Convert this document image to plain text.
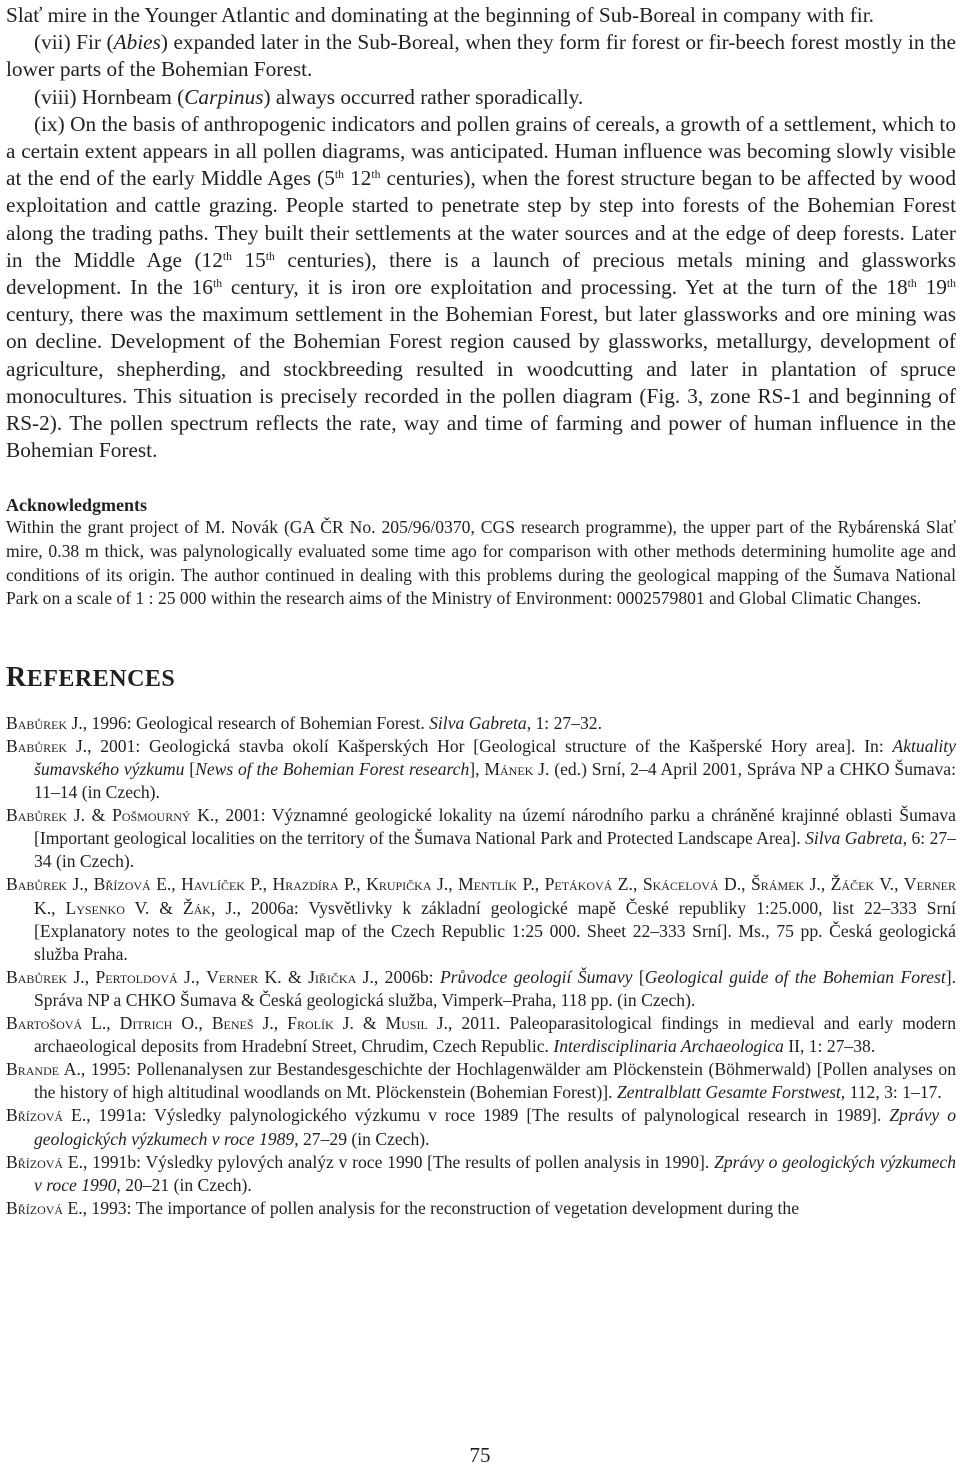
Slať mire in the Younger Atlantic and dominating at the beginning of Sub-Boreal in company with fir.

(vii) Fir (Abies) expanded later in the Sub-Boreal, when they form fir forest or fir-beech forest mostly in the lower parts of the Bohemian Forest.

(viii) Hornbeam (Carpinus) always occurred rather sporadically.

(ix) On the basis of anthropogenic indicators and pollen grains of cereals, a growth of a settlement, which to a certain extent appears in all pollen diagrams, was anticipated. Human influence was becoming slowly visible at the end of the early Middle Ages (5th 12th centuries), when the forest structure began to be affected by wood exploitation and cattle grazing. People started to penetrate step by step into forests of the Bohemian Forest along the trading paths. They built their settlements at the water sources and at the edge of deep forests. Later in the Middle Age (12th 15th centuries), there is a launch of precious metals mining and glassworks development. In the 16th century, it is iron ore exploitation and processing. Yet at the turn of the 18th 19th century, there was the maximum settlement in the Bohemian Forest, but later glassworks and ore mining was on decline. Development of the Bohemian Forest region caused by glassworks, metallurgy, development of agriculture, shepherding, and stockbreeding resulted in woodcutting and later in plantation of spruce monocultures. This situation is precisely recorded in the pollen diagram (Fig. 3, zone RS-1 and beginning of RS-2). The pollen spectrum reflects the rate, way and time of farming and power of human influence in the Bohemian Forest.

Acknowledgments

Within the grant project of M. Novák (GA ČR No. 205/96/0370, CGS research programme), the upper part of the Rybárenská Slať mire, 0.38 m thick, was palynologically evaluated some time ago for comparison with other methods determining humolite age and conditions of its origin. The author continued in dealing with this problems during the geological mapping of the Šumava National Park on a scale of 1 : 25 000 within the research aims of the Ministry of Environment: 0002579801 and Global Climatic Changes.

REFERENCES

Babůrek J., 1996: Geological research of Bohemian Forest. Silva Gabreta, 1: 27–32.

Babůrek J., 2001: Geologická stavba okolí Kašperských Hor [Geological structure of the Kašperské Hory area]. In: Aktuality šumavského výzkumu [News of the Bohemian Forest research], Mánek J. (ed.) Srní, 2–4 April 2001, Správa NP a CHKO Šumava: 11–14 (in Czech).

Babůrek J. & Pošmourný K., 2001: Významné geologické lokality na území národního parku a chráněné krajinné oblasti Šumava [Important geological localities on the territory of the Šumava National Park and Protected Landscape Area]. Silva Gabreta, 6: 27–34 (in Czech).

Babůrek J., Břízová E., Havlíček P., Hrazdíra P., Krupička J., Mentlík P., Petáková Z., Skácelová D., Šrámek J., Žáček V., Verner K., Lysenko V. & Žák, J., 2006a: Vysvětlivky k základní geologické mapě České republiky 1:25.000, list 22–333 Srní [Explanatory notes to the geological map of the Czech Republic 1:25 000. Sheet 22–333 Srní]. Ms., 75 pp. Česká geologická služba Praha.

Babůrek J., Pertoldová J., Verner K. & Jiřička J., 2006b: Průvodce geologií Šumavy [Geological guide of the Bohemian Forest]. Správa NP a CHKO Šumava & Česká geologická služba, Vimperk–Praha, 118 pp. (in Czech).

Bartošová L., Ditrich O., Beneš J., Frolík J. & Musil J., 2011. Paleoparasitological findings in medieval and early modern archaeological deposits from Hradební Street, Chrudim, Czech Republic. Interdisciplinaria Archaeologica II, 1: 27–38.

Brande A., 1995: Pollenanalysen zur Bestandesgeschichte der Hochlagenwälder am Plöckenstein (Böhmerwald) [Pollen analyses on the history of high altitudinal woodlands on Mt. Plöckenstein (Bohemian Forest)]. Zentralblatt Gesamte Forstwest, 112, 3: 1–17.

Břízová E., 1991a: Výsledky palynologického výzkumu v roce 1989 [The results of palynological research in 1989]. Zprávy o geologických výzkumech v roce 1989, 27–29 (in Czech).

Břízová E., 1991b: Výsledky pylových analýz v roce 1990 [The results of pollen analysis in 1990]. Zprávy o geologických výzkumech v roce 1990, 20–21 (in Czech).

Břízová E., 1993: The importance of pollen analysis for the reconstruction of vegetation development during the

75
